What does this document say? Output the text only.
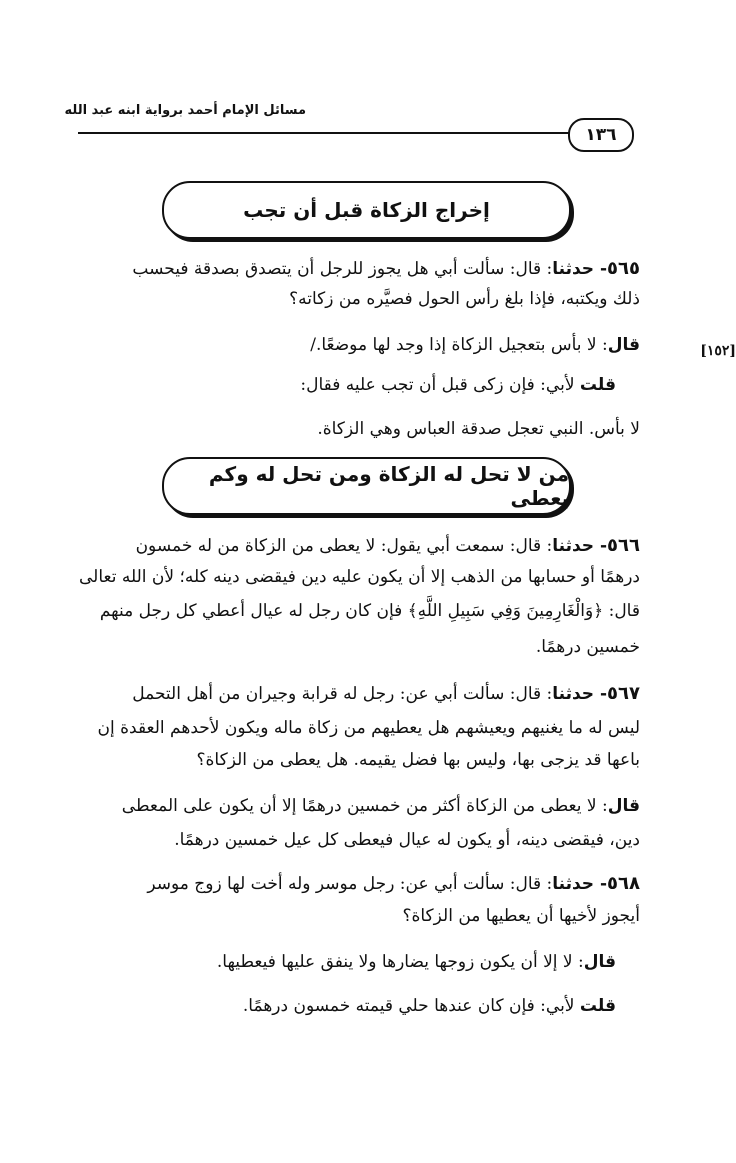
مسائل الإمام أحمد برواية ابنه عبد الله
١٣٦
[١٥٢]
إخراج الزكاة قبل أن تجب
من لا تحل له الزكاة ومن تحل له وكم يعطى
٥٦٥- حدثنا: قال: سألت أبي هل يجوز للرجل أن يتصدق بصدقة فيحسب
ذلك ويكتبه، فإذا بلغ رأس الحول فصيَّره من زكاته؟
قال: لا بأس بتعجيل الزكاة إذا وجد لها موضعًا./
قلت لأبي: فإن زكى قبل أن تجب عليه فقال:
لا بأس. النبي تعجل صدقة العباس وهي الزكاة.
٥٦٦- حدثنا: قال: سمعت أبي يقول: لا يعطى من الزكاة من له خمسون
درهمًا أو حسابها من الذهب إلا أن يكون عليه دين فيقضى دينه كله؛ لأن الله تعالى
قال: ﴿وَالْغَارِمِينَ وَفِي سَبِيلِ اللَّهِ﴾ فإن كان رجل له عيال أعطي كل رجل منهم
خمسين درهمًا.
٥٦٧- حدثنا: قال: سألت أبي عن: رجل له قرابة وجيران من أهل التحمل
ليس له ما يغنيهم ويعيشهم هل يعطيهم من زكاة ماله ويكون لأحدهم العقدة إن
باعها قد يزجى بها، وليس بها فضل يقيمه. هل يعطى من الزكاة؟
قال: لا يعطى من الزكاة أكثر من خمسين درهمًا إلا أن يكون على المعطى
دين، فيقضى دينه، أو يكون له عيال فيعطى كل عيل خمسين درهمًا.
٥٦٨- حدثنا: قال: سألت أبي عن: رجل موسر وله أخت لها زوج موسر
أيجوز لأخيها أن يعطيها من الزكاة؟
قال: لا إلا أن يكون زوجها يضارها ولا ينفق عليها فيعطيها.
قلت لأبي: فإن كان عندها حلي قيمته خمسون درهمًا.
